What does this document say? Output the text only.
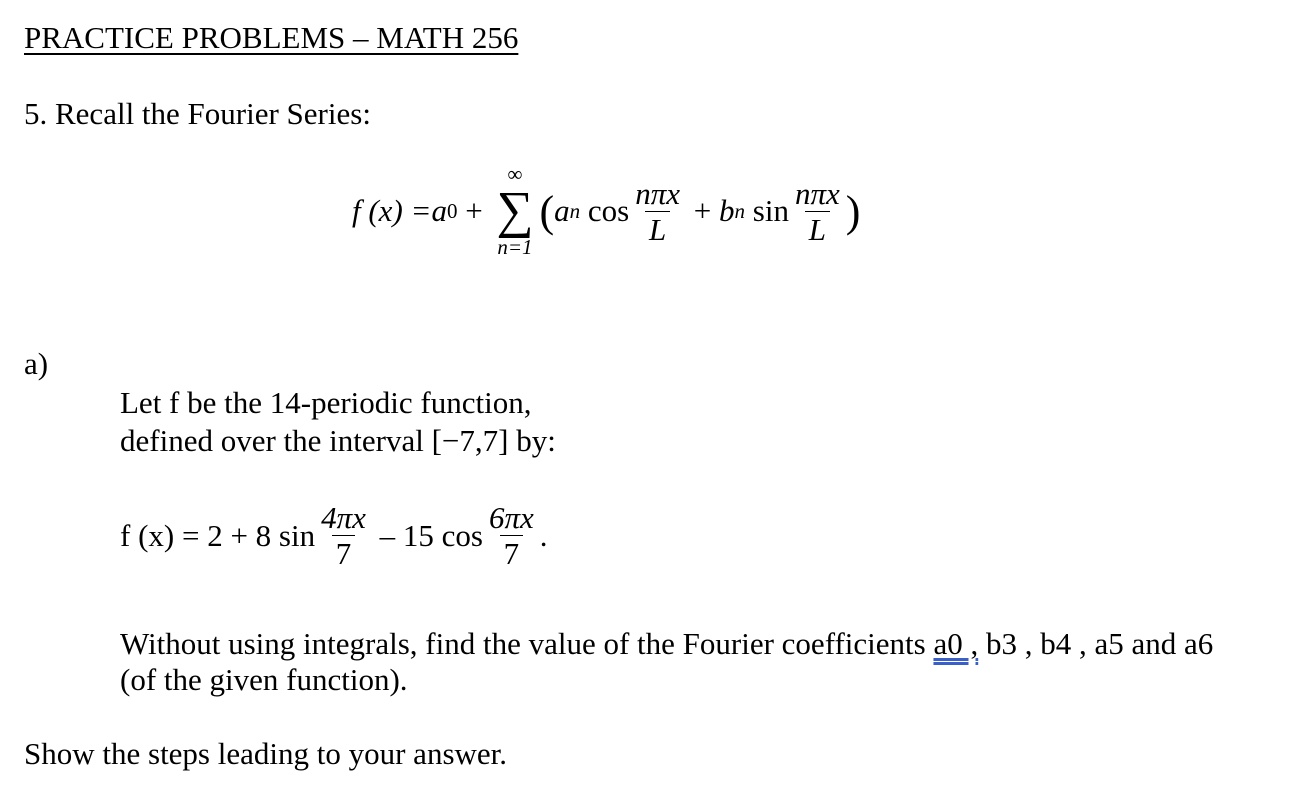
PRACTICE PROBLEMS – MATH 256
5. Recall the Fourier Series:
f (x) = a 0 +
∞
∑
n=1
( a n $\cos \frac{\text{nπx}}{L} + b$ n $\sin \frac{\text{nπx}}{L}$ )
a)
Let f be the 14-periodic function,
defined over the interval [−7,7] by:
f (x) = 2 + 8 $\sin \frac{4\pi x}{7} - 15$ $\cos \frac{6\pi x}{7}$ .
Without using integrals, find the value of the Fourier coefficients a0 , b3 , b4 , a5 and a6
(of the given function).
Show the steps leading to your answer.
